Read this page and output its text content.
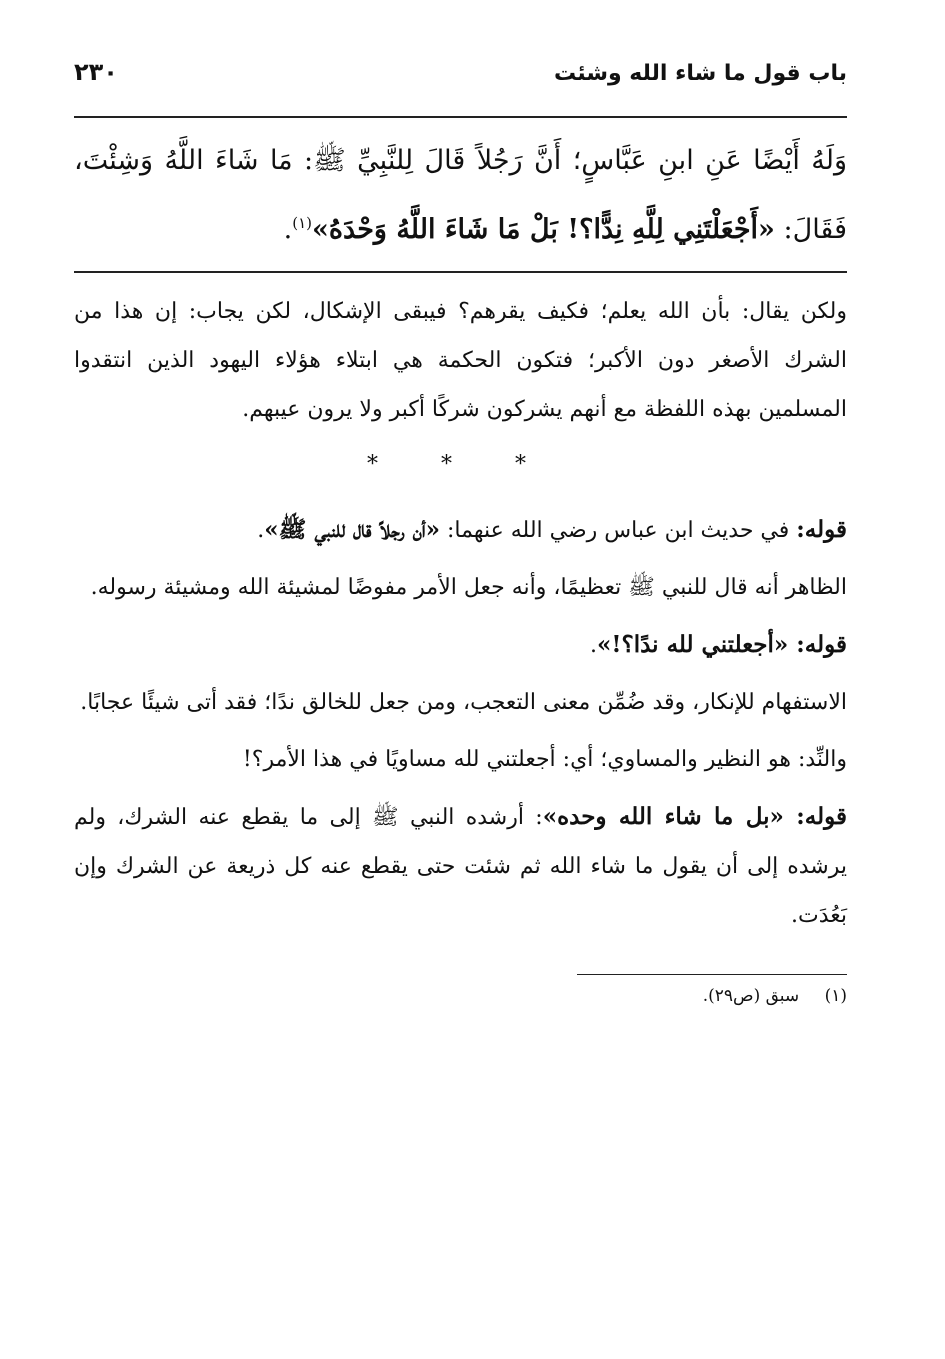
باب قول ما شاء الله وشئت
٢٣٠

وَلَهُ أَيْضًا عَنِ ابنِ عَبَّاسٍ؛ أَنَّ رَجُلاً قَالَ لِلنَّبِيِّ ﷺ: مَا شَاءَ اللَّهُ وَشِئْتَ، فَقَالَ: «أَجْعَلْتَنِي لِلَّهِ نِدًّا؟! بَلْ مَا شَاءَ اللَّهُ وَحْدَهُ»$^{(١)}$.

ولكن يقال: بأن الله يعلم؛ فكيف يقرهم؟ فيبقى الإشكال، لكن يجاب: إن هذا من الشرك الأصغر دون الأكبر؛ فتكون الحكمة هي ابتلاء هؤلاء اليهود الذين انتقدوا المسلمين بهذه اللفظة مع أنهم يشركون شركًا أكبر ولا يرون عيبهم.

* * *

قوله: في حديث ابن عباس رضي الله عنهما: «أن رجلاً قال للنبي ﷺ».

الظاهر أنه قال للنبي ﷺ تعظيمًا، وأنه جعل الأمر مفوضًا لمشيئة الله ومشيئة رسوله.

قوله: «أجعلتني لله ندًا؟!».

الاستفهام للإنكار، وقد ضُمِّن معنى التعجب، ومن جعل للخالق ندًا؛ فقد أتى شيئًا عجابًا.

والنِّد: هو النظير والمساوي؛ أي: أجعلتني لله مساويًا في هذا الأمر؟!

قوله: «بل ما شاء الله وحده»: أرشده النبي ﷺ إلى ما يقطع عنه الشرك، ولم يرشده إلى أن يقول ما شاء الله ثم شئت حتى يقطع عنه كل ذريعة عن الشرك وإن بَعُدَت.

(١) سبق (ص٢٩).
